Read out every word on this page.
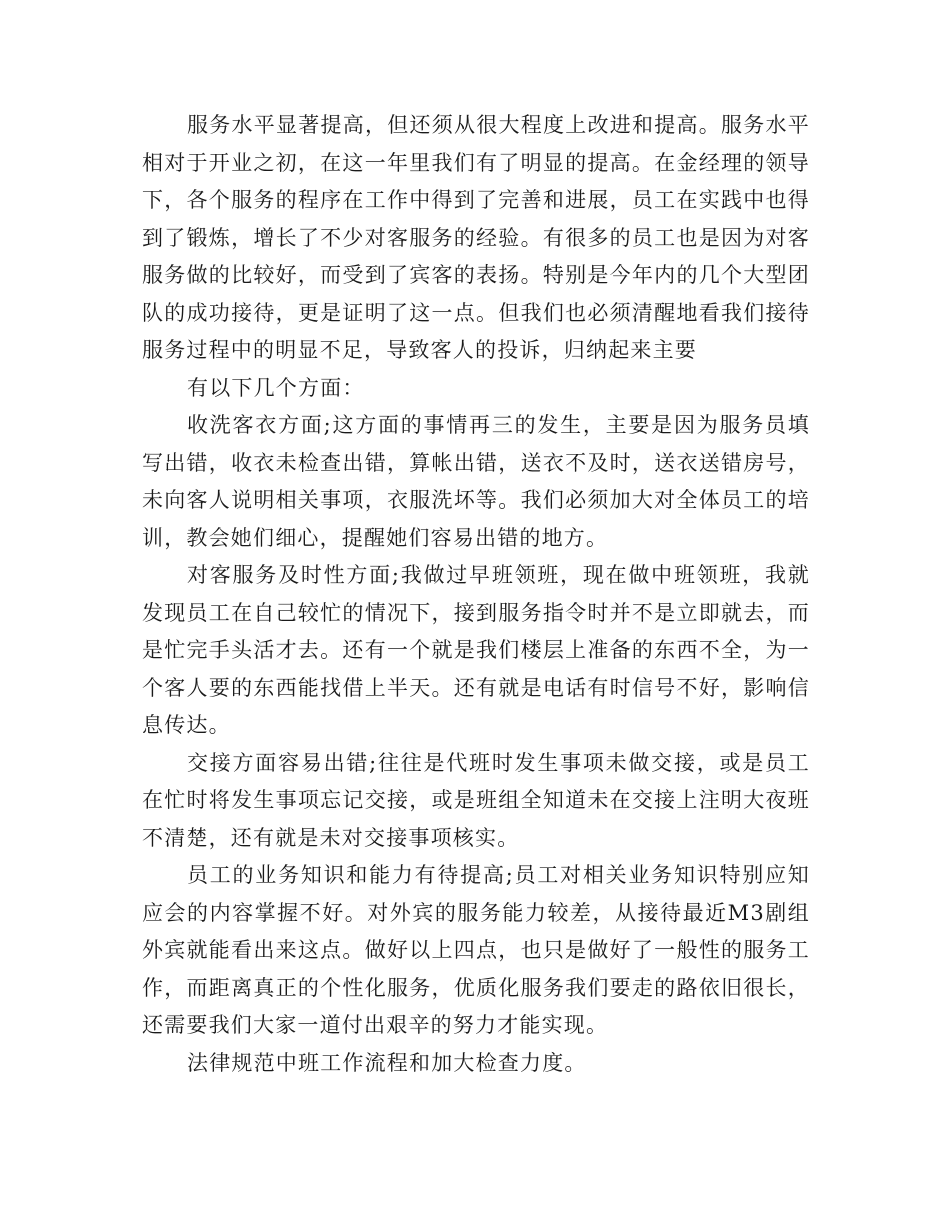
服务水平显著提高，但还须从很大程度上改进和提高。服务水平相对于开业之初，在这一年里我们有了明显的提高。在金经理的领导下，各个服务的程序在工作中得到了完善和进展，员工在实践中也得到了锻炼，增长了不少对客服务的经验。有很多的员工也是因为对客服务做的比较好，而受到了宾客的表扬。特别是今年内的几个大型团队的成功接待，更是证明了这一点。但我们也必须清醒地看我们接待服务过程中的明显不足，导致客人的投诉，归纳起来主要

有以下几个方面：

收洗客衣方面;这方面的事情再三的发生，主要是因为服务员填写出错，收衣未检查出错，算帐出错，送衣不及时，送衣送错房号，未向客人说明相关事项，衣服洗坏等。我们必须加大对全体员工的培训，教会她们细心，提醒她们容易出错的地方。

对客服务及时性方面;我做过早班领班，现在做中班领班，我就发现员工在自己较忙的情况下，接到服务指令时并不是立即就去，而是忙完手头活才去。还有一个就是我们楼层上准备的东西不全，为一个客人要的东西能找借上半天。还有就是电话有时信号不好，影响信息传达。

交接方面容易出错;往往是代班时发生事项未做交接，或是员工在忙时将发生事项忘记交接，或是班组全知道未在交接上注明大夜班不清楚，还有就是未对交接事项核实。

员工的业务知识和能力有待提高;员工对相关业务知识特别应知应会的内容掌握不好。对外宾的服务能力较差，从接待最近M3剧组外宾就能看出来这点。做好以上四点，也只是做好了一般性的服务工作，而距离真正的个性化服务，优质化服务我们要走的路依旧很长，还需要我们大家一道付出艰辛的努力才能实现。

法律规范中班工作流程和加大检查力度。
